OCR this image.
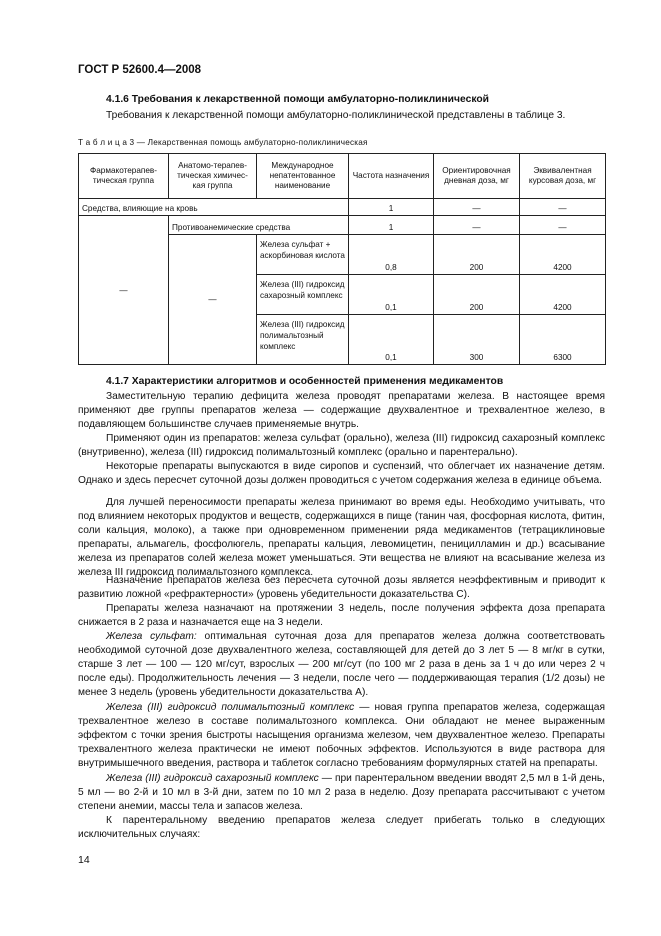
ГОСТ Р 52600.4—2008
4.1.6 Требования к лекарственной помощи амбулаторно-поликлинической

Требования к лекарственной помощи амбулаторно-поликлинической представлены в таблице 3.

Т а б л и ц а 3 — Лекарственная помощь амбулаторно-поликлиническая
Фармакотерапев-тическая группа	Анатомо-терапев-тическая химичес-кая группа	Международное непатентованное наименование	Частота назначения	Ориентировочная дневная доза, мг	Эквивалентная курсовая доза, мг
Средства, влияющие на кровь			1	—	—
—	Противоанемические средства		1	—	—
	—	Железа сульфат + аскорбиновая кислота	0,8	200	4200
		Железа (III) гидроксид сахарозный комплекс	0,1	200	4200
		Железа (III) гидроксид полимальтозный комплекс	0,1	300	6300
4.1.7 Характеристики алгоритмов и особенностей применения медикаментов

Заместительную терапию дефицита железа проводят препаратами железа. В настоящее время применяют две группы препаратов железа — содержащие двухвалентное и трехвалентное железо, в подавляющем большинстве случаев применяемые внутрь.

Применяют один из препаратов: железа сульфат (орально), железа (III) гидроксид сахарозный комплекс (внутривенно), железа (III) гидроксид полимальтозный комплекс (орально и парентерально).

Некоторые препараты выпускаются в виде сиропов и суспензий, что облегчает их назначение детям. Однако и здесь пересчет суточной дозы должен проводиться с учетом содержания железа в единице объема.

Для лучшей переносимости препараты железа принимают во время еды. Необходимо учитывать, что под влиянием некоторых продуктов и веществ, содержащихся в пище (танин чая, фосфорная кислота, фитин, соли кальция, молоко), а также при одновременном применении ряда медикаментов (тетрациклиновые препараты, альмагель, фосфолюгель, препараты кальция, левомицетин, пеницилламин и др.) всасывание железа из препаратов солей железа может уменьшаться. Эти вещества не влияют на всасывание железа из железа III гидроксид полимальтозного комплекса.

Назначение препаратов железа без пересчета суточной дозы является неэффективным и приводит к развитию ложной «рефрактерности» (уровень убедительности доказательства С).

Препараты железа назначают на протяжении 3 недель, после получения эффекта доза препарата снижается в 2 раза и назначается еще на 3 недели.

Железа сульфат: оптимальная суточная доза для препаратов железа должна соответствовать необходимой суточной дозе двухвалентного железа, составляющей для детей до 3 лет 5 — 8 мг/кг в сутки, старше 3 лет — 100 — 120 мг/сут, взрослых — 200 мг/сут (по 100 мг 2 раза в день за 1 ч до или через 2 ч после еды). Продолжительность лечения — 3 недели, после чего — поддерживающая терапия (1/2 дозы) не менее 3 недель (уровень убедительности доказательства А).

Железа (III) гидроксид полимальтозный комплекс — новая группа препаратов железа, содержащая трехвалентное железо в составе полимальтозного комплекса. Они обладают не менее выраженным эффектом с точки зрения быстроты насыщения организма железом, чем двухвалентное железо. Препараты трехвалентного железа практически не имеют побочных эффектов. Используются в виде раствора для внутримышечного введения, раствора и таблеток согласно требованиям формулярных статей на препараты.

Железа (III) гидроксид сахарозный комплекс — при парентеральном введении вводят 2,5 мл в 1-й день, 5 мл — во 2-й и 10 мл в 3-й дни, затем по 10 мл 2 раза в неделю. Дозу препарата рассчитывают с учетом степени анемии, массы тела и запасов железа.

К парентеральному введению препаратов железа следует прибегать только в следующих исключительных случаях:

14
